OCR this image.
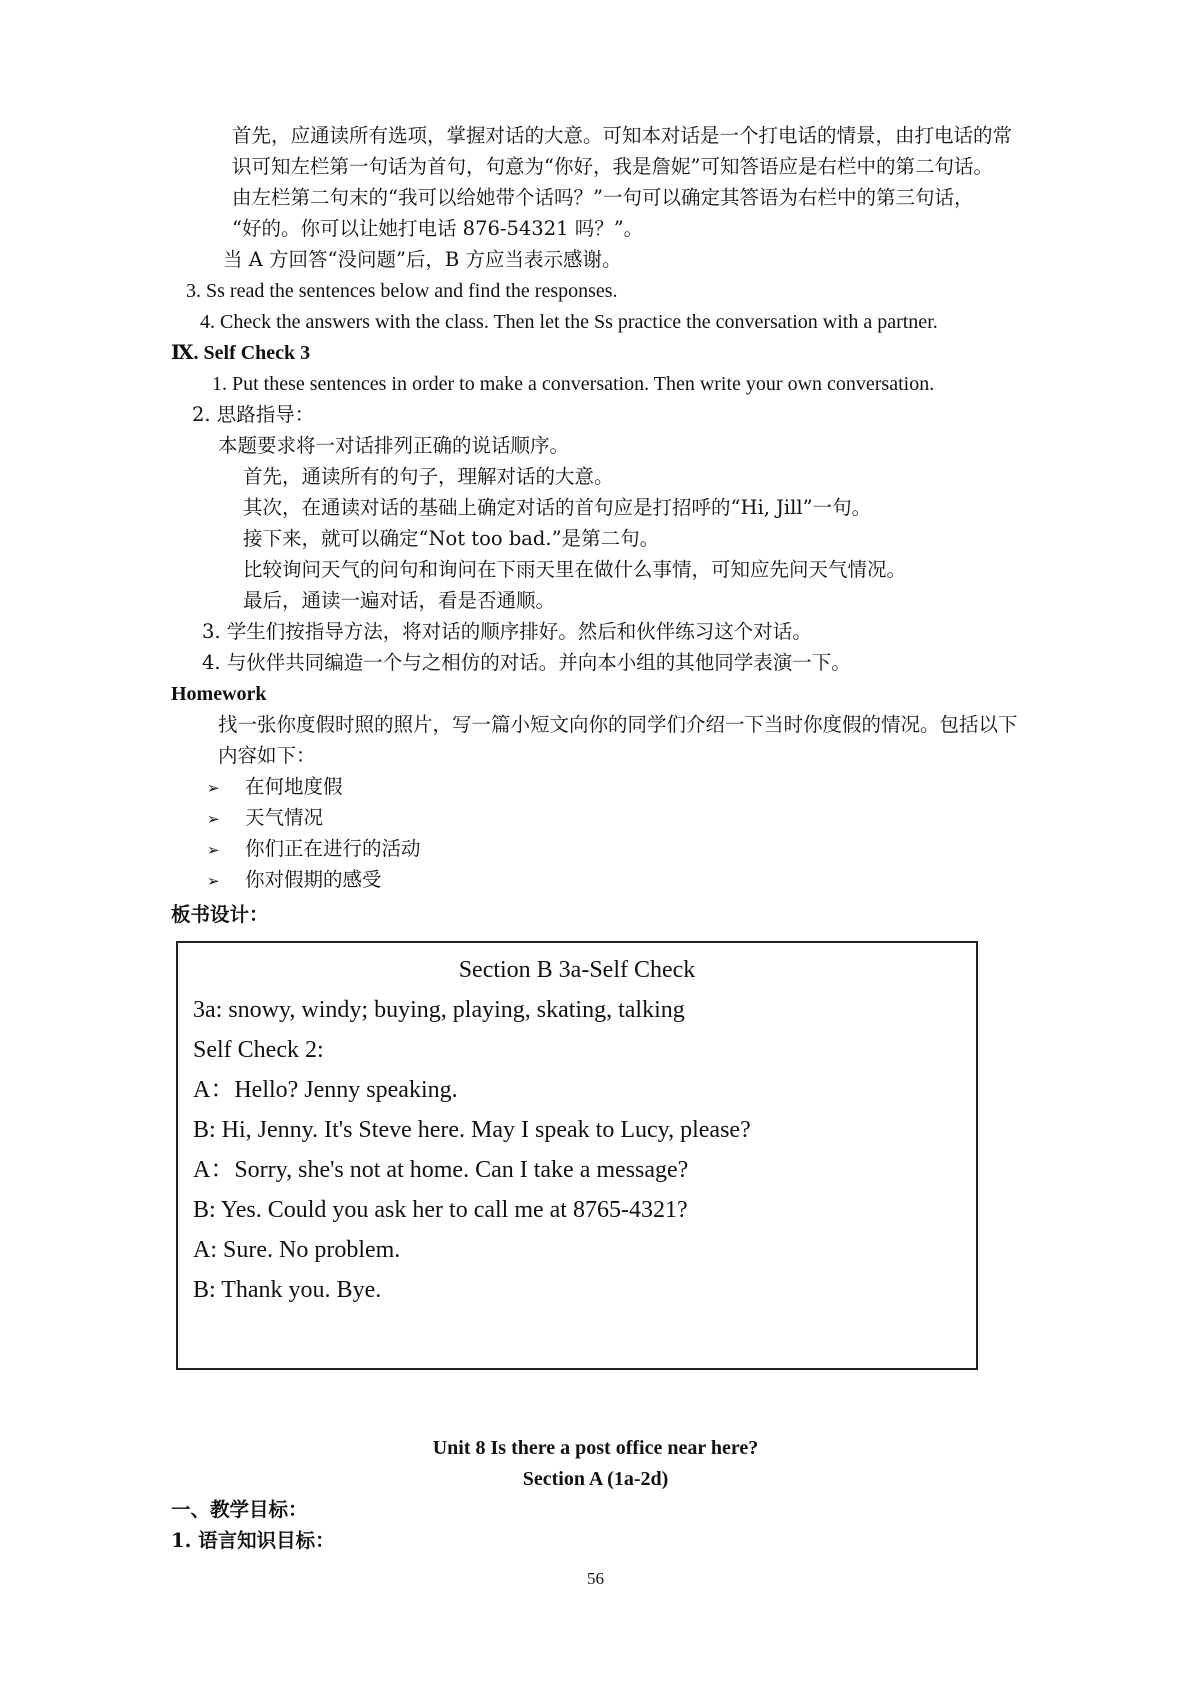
首先，应通读所有选项，掌握对话的大意。可知本对话是一个打电话的情景，由打电话的常
识可知左栏第一句话为首句，句意为“你好，我是詹妮”可知答语应是右栏中的第二句话。
由左栏第二句末的“我可以给她带个话吗？”一句可以确定其答语为右栏中的第三句话，
“好的。你可以让她打电话 876-54321 吗？”。
当 A 方回答“没问题”后，B 方应当表示感谢。
3. Ss read the sentences below and find the responses.
4. Check the answers with the class. Then let the Ss practice the conversation with a partner.
Ⅸ. Self Check 3
1. Put these sentences in order to make a conversation. Then write your own conversation.
2. 思路指导：
本题要求将一对话排列正确的说话顺序。
首先，通读所有的句子，理解对话的大意。
其次，在通读对话的基础上确定对话的首句应是打招呼的“Hi, Jill”一句。
接下来，就可以确定“Not too bad.”是第二句。
比较询问天气的问句和询问在下雨天里在做什么事情，可知应先问天气情况。
最后，通读一遍对话，看是否通顺。
3. 学生们按指导方法，将对话的顺序排好。然后和伙伴练习这个对话。
4. 与伙伴共同编造一个与之相仿的对话。并向本小组的其他同学表演一下。
Homework
找一张你度假时照的照片，写一篇小短文向你的同学们介绍一下当时你度假的情况。包括以下
内容如下：
➢ 在何地度假
➢ 天气情况
➢ 你们正在进行的活动
➢ 你对假期的感受
板书设计：
Section B 3a-Self Check
3a: snowy, windy; buying, playing, skating, talking
Self Check 2:
A：Hello? Jenny speaking.
B: Hi, Jenny. It's Steve here. May I speak to Lucy, please?
A：Sorry, she's not at home. Can I take a message?
B: Yes. Could you ask her to call me at 8765-4321?
A: Sure. No problem.
B: Thank you. Bye.
Unit 8 Is there a post office near here?
Section A (1a-2d)
一、教学目标：
1. 语言知识目标：
56
